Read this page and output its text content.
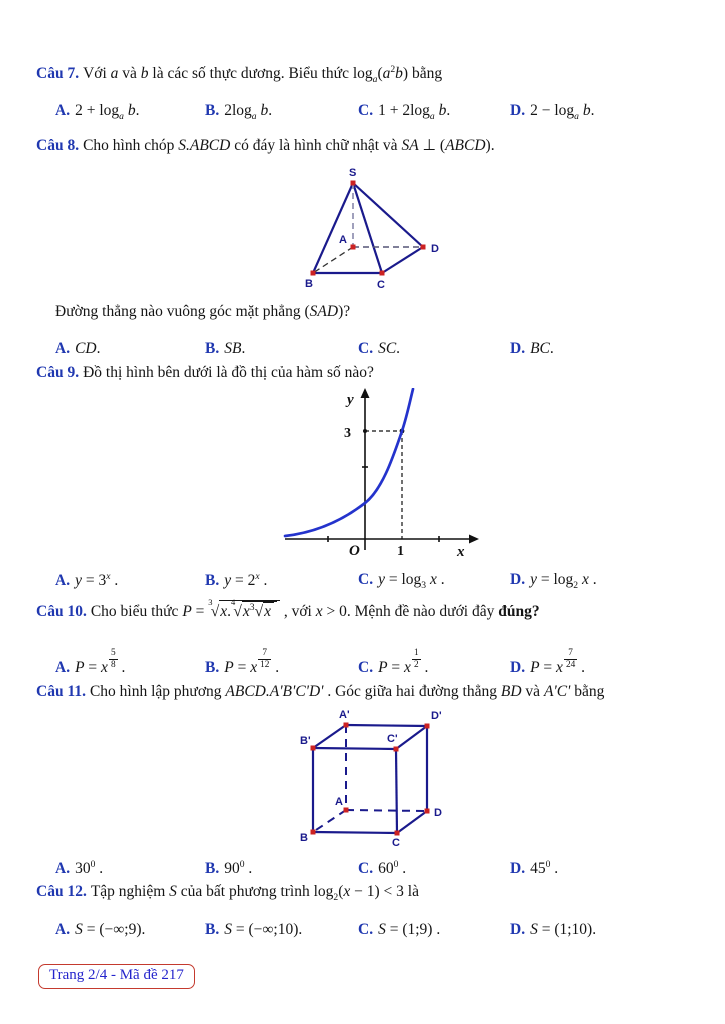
Câu 7. Với a và b là các số thực dương. Biểu thức $\log_a(a^2b)$ bằng
A. $2 + \log_a b$.	B. $2\log_a$ b.	C. $1 + 2\log_a$ b.	D. $2 - \log_a b$.
Câu 8. Cho hình chóp S.ABCD có đáy là hình chữ nhật và SA ⊥ (ABCD).
S
A
D
B	C
Đường thẳng nào vuông góc mặt phẳng (SAD)?
A. CD.	B. SB.	C. SC.	D. BC.
Câu 9. Đồ thị hình bên dưới là đồ thị của hàm số nào?
y
3
O	1	x
A. $y = 3^x$ .	B. $y = 2^x$ .	C. $y = \log_3 x$ .	D. $y = \log_2 x$ .
Câu 10. Cho biểu thức $P = ^3√x.^4√x^3√x$ , với x > 0. Mệnh đề nào dưới đây đúng?
A. P = x $\frac{5}{8}$ .	B. P = x $\frac{7}{12}$ .	C. P = x $\frac{1}{2}$ .	D. P = x $\frac{7}{24}$ .
Câu 11. Cho hình lập phương ABCD.A'B'C'D' . Góc giữa hai đường thẳng BD và A'C' bằng
A'	D'
B'	C'
A
D
B	C
A. $30^0$ .	B. $90^0$ .	C. $60^0$ .	D. $45^0$ .
Câu 12. Tập nghiệm S của bất phương trình $\log_2(x - 1) < 3$ là
A. S = (−∞;9).	B. S = (−∞;10).	C. S = (1;9) .	D. S = (1;10).
Trang 2/4 - Mã đề 217
